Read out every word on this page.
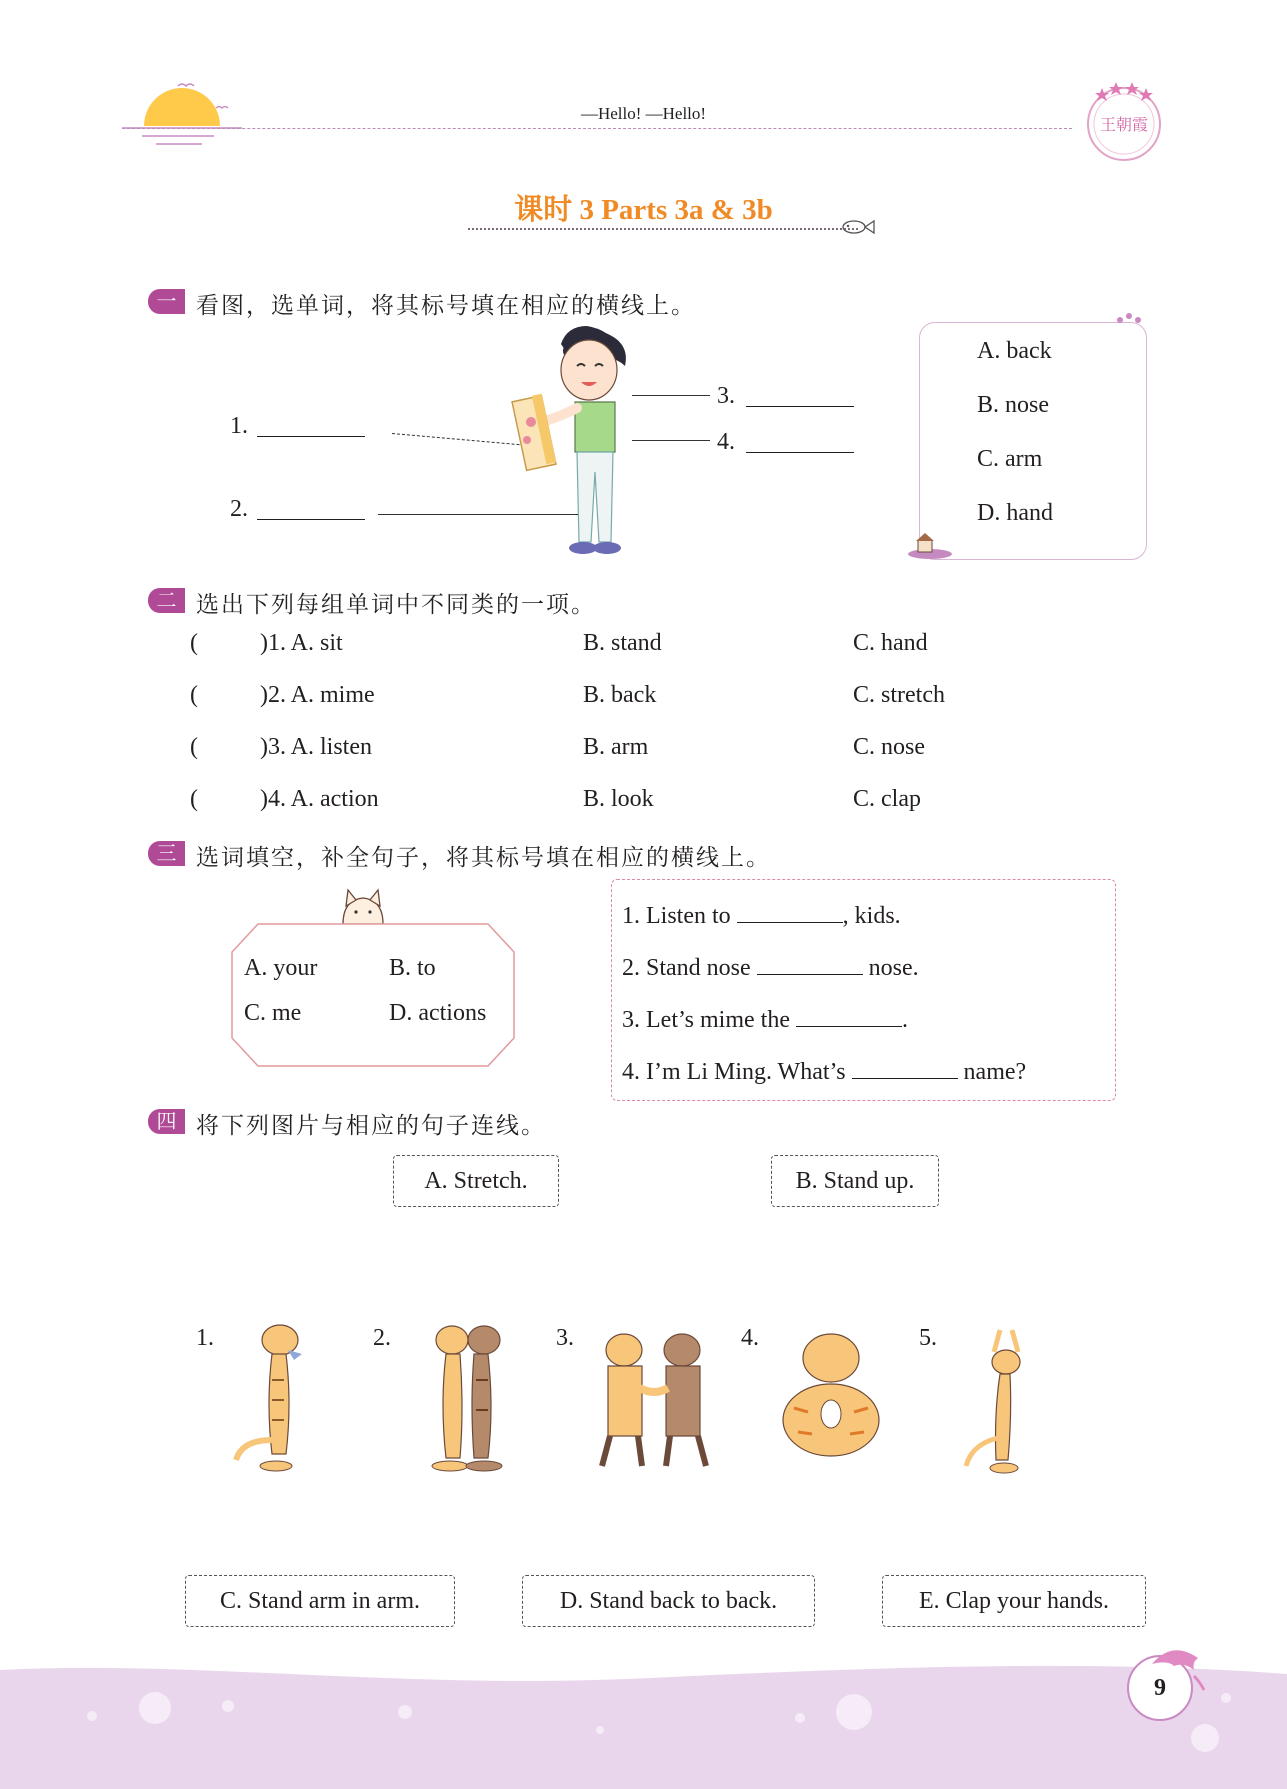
—Hello! —Hello!
王朝霞
课时 3 Parts 3a & 3b
一 看图，选单词，将其标号填在相应的横线上。
1.
2.
3.
4.
A. back
B. nose
C. arm
D. hand
二 选出下列每组单词中不同类的一项。
(	)1. A. sit	B. stand	C. hand
(	)2. A. mime	B. back	C. stretch
(	)3. A. listen	B. arm	C. nose
(	)4. A. action	B. look	C. clap
三 选词填空，补全句子，将其标号填在相应的横线上。
A. your	B. to
C. me	D. actions
1. Listen to	, kids.
2. Stand nose	nose.
3. Let’s mime the	.
4. I’m Li Ming. What’s	name?
四 将下列图片与相应的句子连线。
A. Stretch.	B. Stand up.
1.	2.	3.	4.	5.
C. Stand arm in arm.	D. Stand back to back.	E. Clap your hands.
9
